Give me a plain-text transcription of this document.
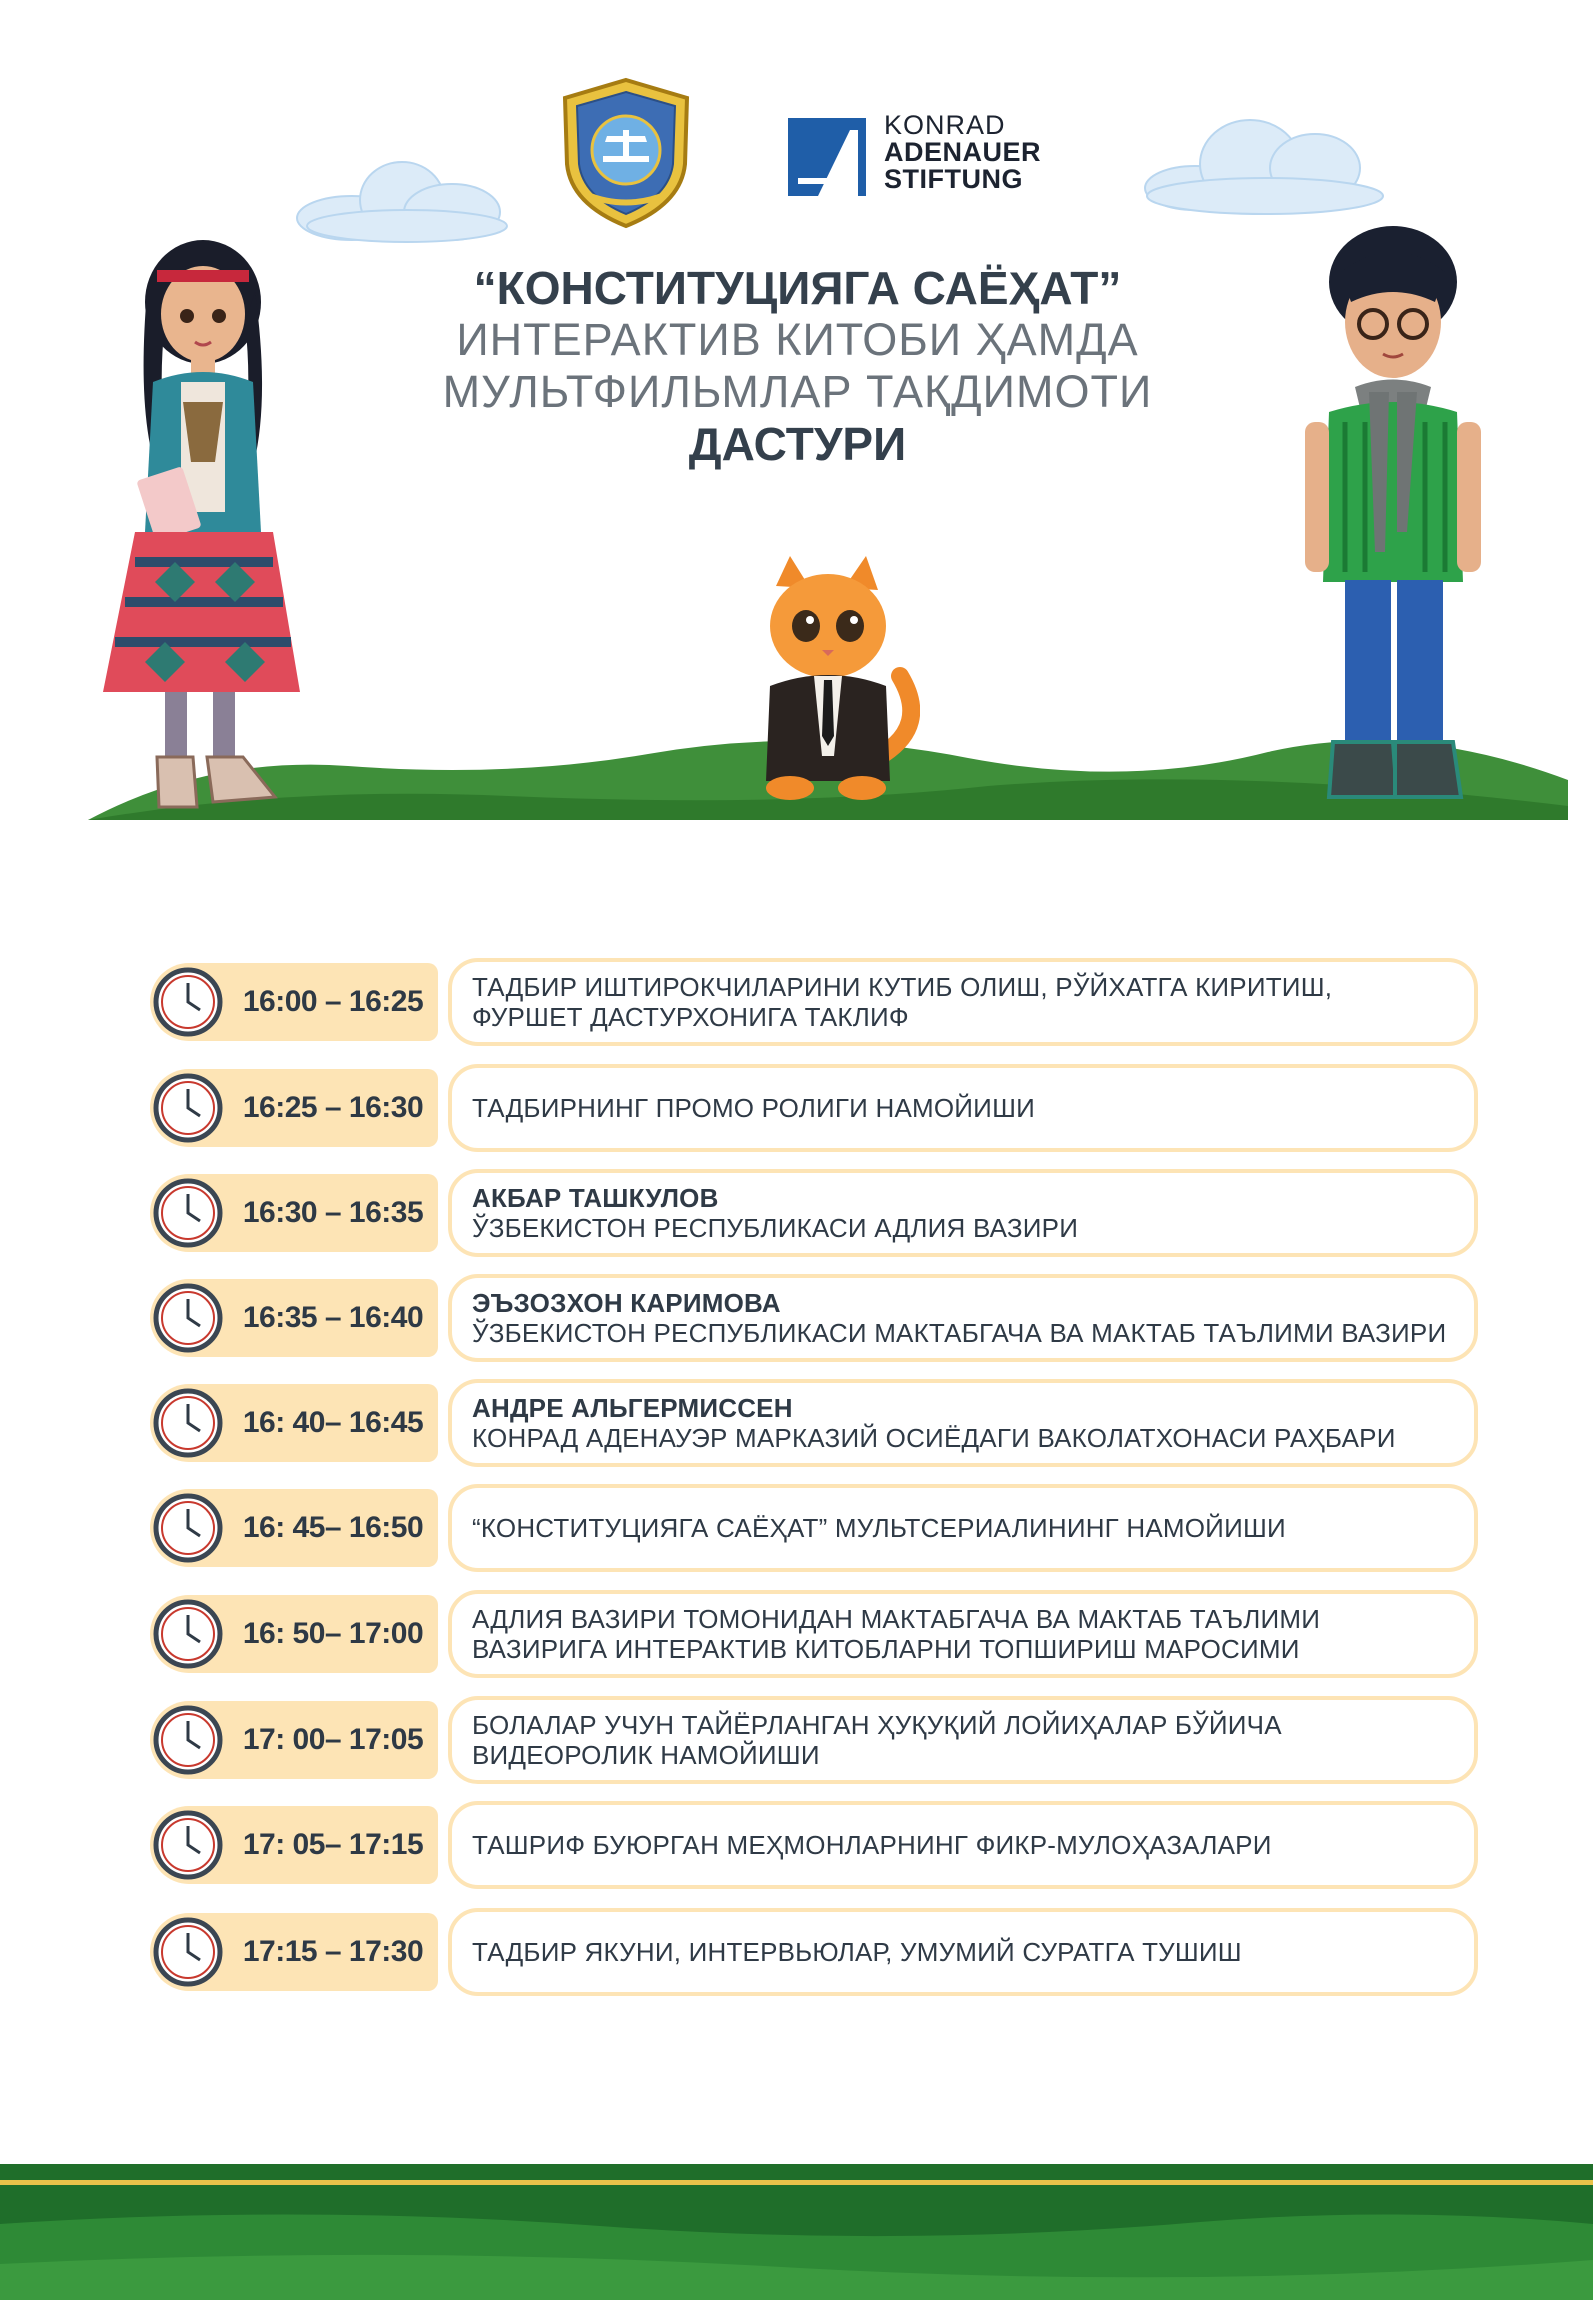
KONRAD
ADENAUER
STIFTUNG
“КОНСТИТУЦИЯГА САЁҲАТ”
ИНТЕРАКТИВ КИТОБИ ҲАМДА
МУЛЬТФИЛЬМЛАР ТАҚДИМОТИ
ДАСТУРИ
16:00 – 16:25	ТАДБИР ИШТИРОКЧИЛАРИНИ КУТИБ ОЛИШ, РЎЙХАТГА КИРИТИШ,
ФУРШЕТ ДАСТУРХОНИГА ТАКЛИФ
16:25 – 16:30	ТАДБИРНИНГ ПРОМО РОЛИГИ НАМОЙИШИ
16:30 – 16:35	АКБАР ТАШКУЛОВ
ЎЗБЕКИСТОН РЕСПУБЛИКАСИ АДЛИЯ ВАЗИРИ
16:35 – 16:40	ЭЪЗОЗХОН КАРИМОВА
ЎЗБЕКИСТОН РЕСПУБЛИКАСИ МАКТАБГАЧА ВА МАКТАБ ТАЪЛИМИ ВАЗИРИ
16: 40– 16:45	АНДРЕ АЛЬГЕРМИССЕН
КОНРАД АДЕНАУЭР МАРКАЗИЙ ОСИЁДАГИ ВАКОЛАТХОНАСИ РАҲБАРИ
16: 45– 16:50	“КОНСТИТУЦИЯГА САЁҲАТ” МУЛЬТСЕРИАЛИНИНГ НАМОЙИШИ
16: 50– 17:00	АДЛИЯ ВАЗИРИ ТОМОНИДАН МАКТАБГАЧА ВА МАКТАБ ТАЪЛИМИ
ВАЗИРИГА ИНТЕРАКТИВ КИТОБЛАРНИ ТОПШИРИШ МАРОСИМИ
17: 00– 17:05	БОЛАЛАР УЧУН ТАЙЁРЛАНГАН ҲУҚУҚИЙ ЛОЙИҲАЛАР БЎЙИЧА
ВИДЕОРОЛИК НАМОЙИШИ
17: 05– 17:15	ТАШРИФ БУЮРГАН МЕҲМОНЛАРНИНГ ФИКР-МУЛОҲАЗАЛАРИ
17:15 – 17:30	ТАДБИР ЯКУНИ, ИНТЕРВЬЮЛАР, УМУМИЙ СУРАТГА ТУШИШ
